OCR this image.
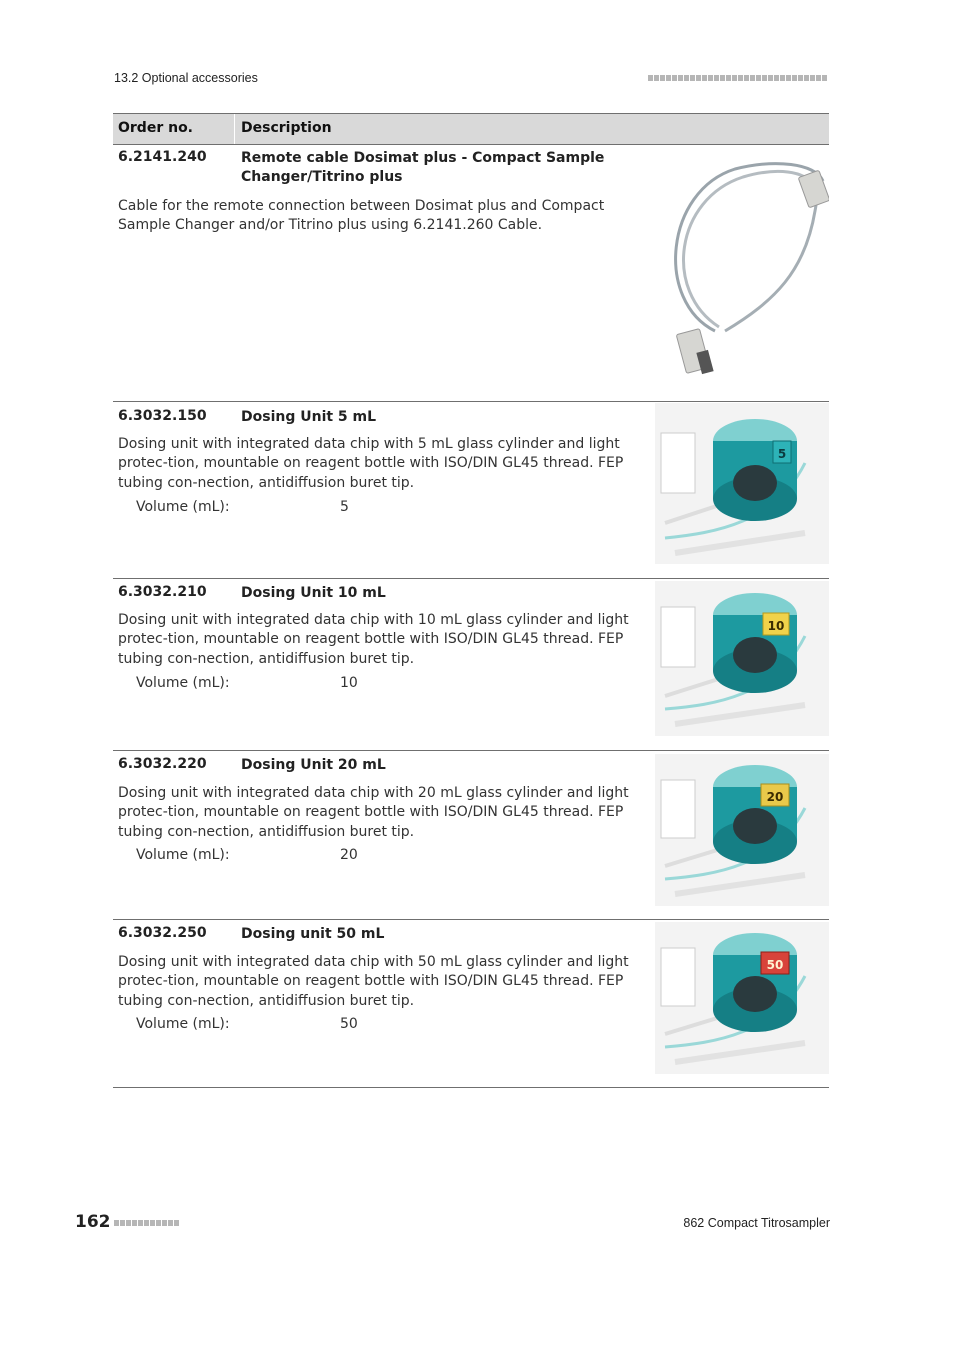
13.2 Optional accessories
Order no.	Description
6.2141.240 Remote cable Dosimat plus - Compact Sample Changer/Titrino plus
Cable for the remote connection between Dosimat plus and Compact Sample Changer and/or Titrino plus using 6.2141.260 Cable.
6.3032.150 Dosing Unit 5 mL
Dosing unit with integrated data chip with 5 mL glass cylinder and light protec-tion, mountable on reagent bottle with ISO/DIN GL45 thread. FEP tubing con-nection, antidiffusion buret tip.
Volume (mL):	5
5
6.3032.210 Dosing Unit 10 mL
Dosing unit with integrated data chip with 10 mL glass cylinder and light protec-tion, mountable on reagent bottle with ISO/DIN GL45 thread. FEP tubing con-nection, antidiffusion buret tip.
Volume (mL):	10
10
6.3032.220 Dosing Unit 20 mL
Dosing unit with integrated data chip with 20 mL glass cylinder and light protec-tion, mountable on reagent bottle with ISO/DIN GL45 thread. FEP tubing con-nection, antidiffusion buret tip.
Volume (mL):	20
20
6.3032.250 Dosing unit 50 mL
Dosing unit with integrated data chip with 50 mL glass cylinder and light protec-tion, mountable on reagent bottle with ISO/DIN GL45 thread. FEP tubing con-nection, antidiffusion buret tip.
Volume (mL):	50
50
162	862 Compact Titrosampler
